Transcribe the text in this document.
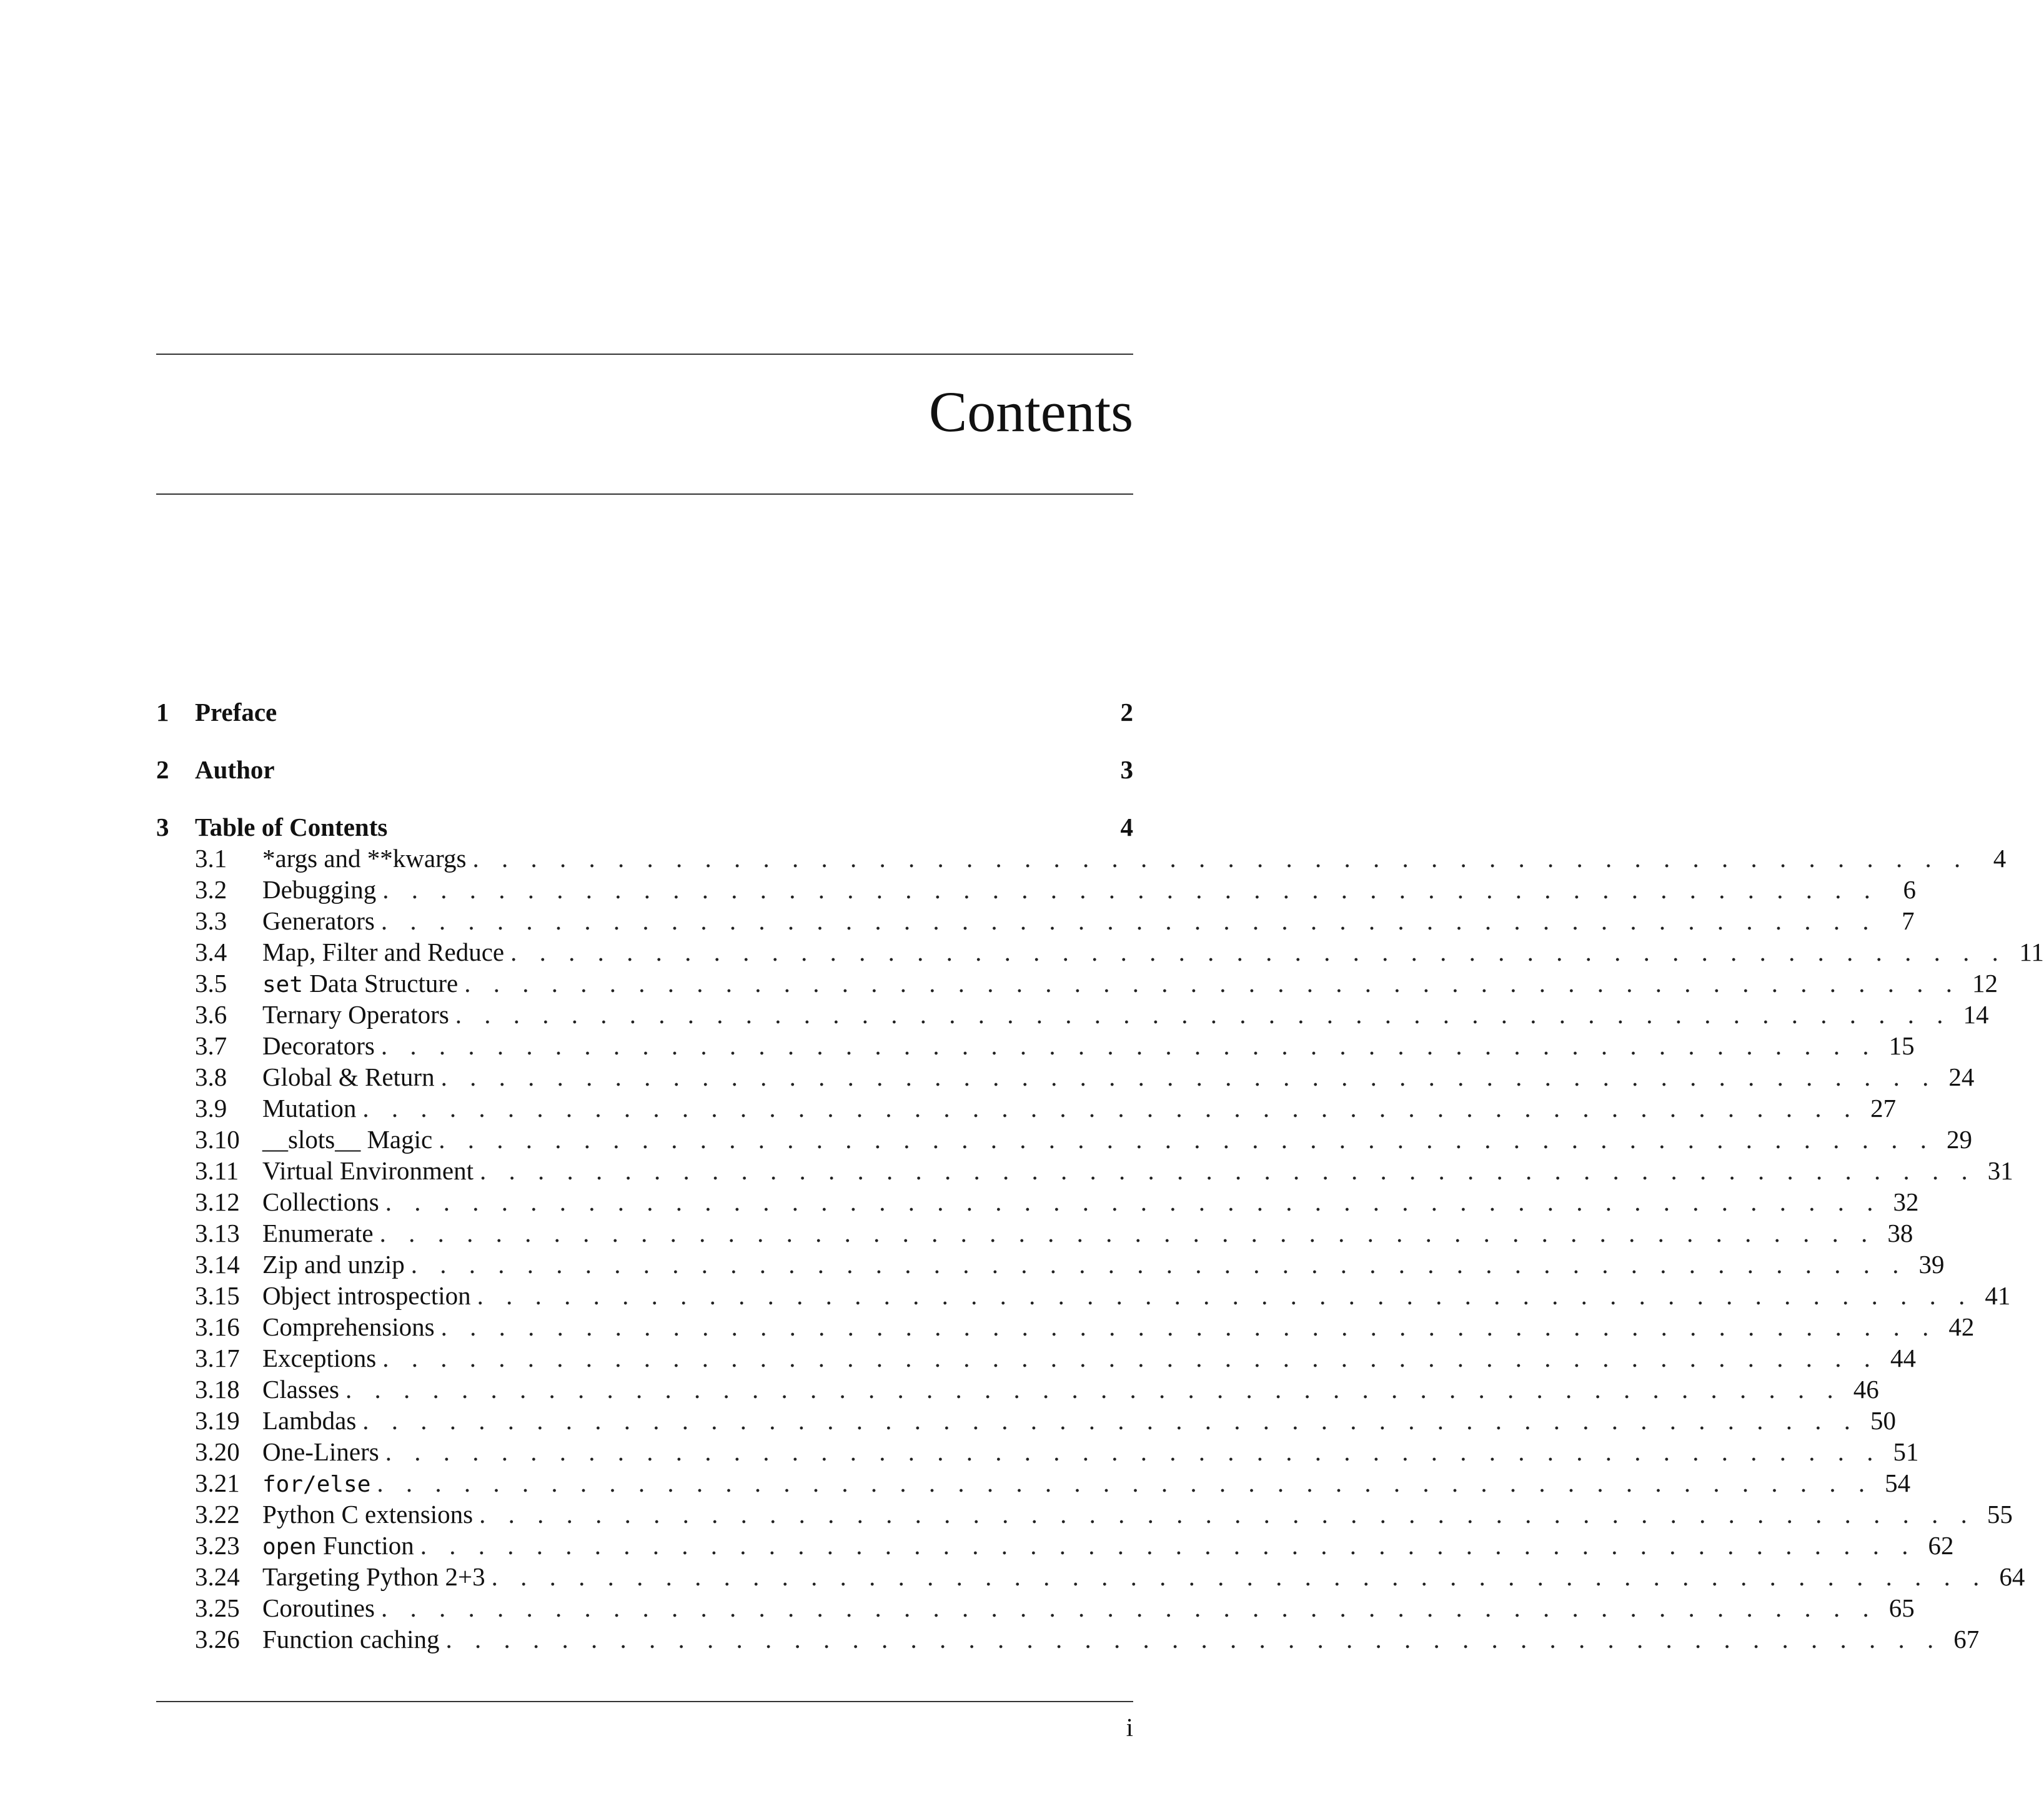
Contents
1 Preface	2
2 Author	3
3 Table of Contents	4
3.1 *args and **kwargs . . . . . . . . . . . . . . . . . . . . . . . . . . . . . . . . . . . . . . . . . . . . . . . . . . . . 4
3.2 Debugging . . . . . . . . . . . . . . . . . . . . . . . . . . . . . . . . . . . . . . . . . . . . . . . . . . . . 6
3.3 Generators . . . . . . . . . . . . . . . . . . . . . . . . . . . . . . . . . . . . . . . . . . . . . . . . . . . . 7
3.4 Map, Filter and Reduce . . . . . . . . . . . . . . . . . . . . . . . . . . . . . . . . . . . . . . . . . . . . . . . . . . . . 11
3.5 set Data Structure . . . . . . . . . . . . . . . . . . . . . . . . . . . . . . . . . . . . . . . . . . . . . . . . . . . . 12
3.6 Ternary Operators . . . . . . . . . . . . . . . . . . . . . . . . . . . . . . . . . . . . . . . . . . . . . . . . . . . . 14
3.7 Decorators . . . . . . . . . . . . . . . . . . . . . . . . . . . . . . . . . . . . . . . . . . . . . . . . . . . . 15
3.8 Global & Return . . . . . . . . . . . . . . . . . . . . . . . . . . . . . . . . . . . . . . . . . . . . . . . . . . . . 24
3.9 Mutation . . . . . . . . . . . . . . . . . . . . . . . . . . . . . . . . . . . . . . . . . . . . . . . . . . . . 27
3.10 __slots__ Magic . . . . . . . . . . . . . . . . . . . . . . . . . . . . . . . . . . . . . . . . . . . . . . . . . . . . 29
3.11 Virtual Environment . . . . . . . . . . . . . . . . . . . . . . . . . . . . . . . . . . . . . . . . . . . . . . . . . . . . 31
3.12 Collections . . . . . . . . . . . . . . . . . . . . . . . . . . . . . . . . . . . . . . . . . . . . . . . . . . . . 32
3.13 Enumerate . . . . . . . . . . . . . . . . . . . . . . . . . . . . . . . . . . . . . . . . . . . . . . . . . . . . 38
3.14 Zip and unzip . . . . . . . . . . . . . . . . . . . . . . . . . . . . . . . . . . . . . . . . . . . . . . . . . . . . 39
3.15 Object introspection . . . . . . . . . . . . . . . . . . . . . . . . . . . . . . . . . . . . . . . . . . . . . . . . . . . . 41
3.16 Comprehensions . . . . . . . . . . . . . . . . . . . . . . . . . . . . . . . . . . . . . . . . . . . . . . . . . . . . 42
3.17 Exceptions . . . . . . . . . . . . . . . . . . . . . . . . . . . . . . . . . . . . . . . . . . . . . . . . . . . . 44
3.18 Classes . . . . . . . . . . . . . . . . . . . . . . . . . . . . . . . . . . . . . . . . . . . . . . . . . . . . 46
3.19 Lambdas . . . . . . . . . . . . . . . . . . . . . . . . . . . . . . . . . . . . . . . . . . . . . . . . . . . . 50
3.20 One-Liners . . . . . . . . . . . . . . . . . . . . . . . . . . . . . . . . . . . . . . . . . . . . . . . . . . . . 51
3.21 for/else . . . . . . . . . . . . . . . . . . . . . . . . . . . . . . . . . . . . . . . . . . . . . . . . . . . . 54
3.22 Python C extensions . . . . . . . . . . . . . . . . . . . . . . . . . . . . . . . . . . . . . . . . . . . . . . . . . . . . 55
3.23 open Function . . . . . . . . . . . . . . . . . . . . . . . . . . . . . . . . . . . . . . . . . . . . . . . . . . . . 62
3.24 Targeting Python 2+3 . . . . . . . . . . . . . . . . . . . . . . . . . . . . . . . . . . . . . . . . . . . . . . . . . . . . 64
3.25 Coroutines . . . . . . . . . . . . . . . . . . . . . . . . . . . . . . . . . . . . . . . . . . . . . . . . . . . . 65
3.26 Function caching . . . . . . . . . . . . . . . . . . . . . . . . . . . . . . . . . . . . . . . . . . . . . . . . . . . . 67
i
